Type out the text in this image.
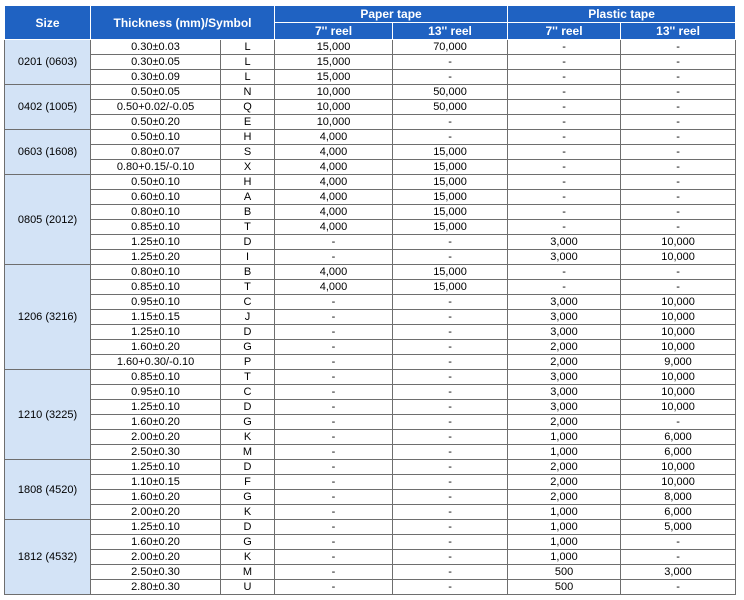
Size	Thickness (mm)/Symbol		Paper tape		Plastic tape	
			7'' reel	13'' reel	7'' reel	13'' reel
0201 (0603)	0.30±0.03	L	15,000	70,000	-	-
	0.30±0.05	L	15,000	-	-	-
	0.30±0.09	L	15,000	-	-	-
0402 (1005)	0.50±0.05	N	10,000	50,000	-	-
	0.50+0.02/-0.05	Q	10,000	50,000	-	-
	0.50±0.20	E	10,000	-	-	-
0603 (1608)	0.50±0.10	H	4,000	-	-	-
	0.80±0.07	S	4,000	15,000	-	-
	0.80+0.15/-0.10	X	4,000	15,000	-	-
0805 (2012)	0.50±0.10	H	4,000	15,000	-	-
	0.60±0.10	A	4,000	15,000	-	-
	0.80±0.10	B	4,000	15,000	-	-
	0.85±0.10	T	4,000	15,000	-	-
	1.25±0.10	D	-	-	3,000	10,000
	1.25±0.20	I	-	-	3,000	10,000
1206 (3216)	0.80±0.10	B	4,000	15,000	-	-
	0.85±0.10	T	4,000	15,000	-	-
	0.95±0.10	C	-	-	3,000	10,000
	1.15±0.15	J	-	-	3,000	10,000
	1.25±0.10	D	-	-	3,000	10,000
	1.60±0.20	G	-	-	2,000	10,000
	1.60+0.30/-0.10	P	-	-	2,000	9,000
1210 (3225)	0.85±0.10	T	-	-	3,000	10,000
	0.95±0.10	C	-	-	3,000	10,000
	1.25±0.10	D	-	-	3,000	10,000
	1.60±0.20	G	-	-	2,000	-
	2.00±0.20	K	-	-	1,000	6,000
	2.50±0.30	M	-	-	1,000	6,000
1808 (4520)	1.25±0.10	D	-	-	2,000	10,000
	1.10±0.15	F	-	-	2,000	10,000
	1.60±0.20	G	-	-	2,000	8,000
	2.00±0.20	K	-	-	1,000	6,000
1812 (4532)	1.25±0.10	D	-	-	1,000	5,000
	1.60±0.20	G	-	-	1,000	-
	2.00±0.20	K	-	-	1,000	-
	2.50±0.30	M	-	-	500	3,000
	2.80±0.30	U	-	-	500	-
